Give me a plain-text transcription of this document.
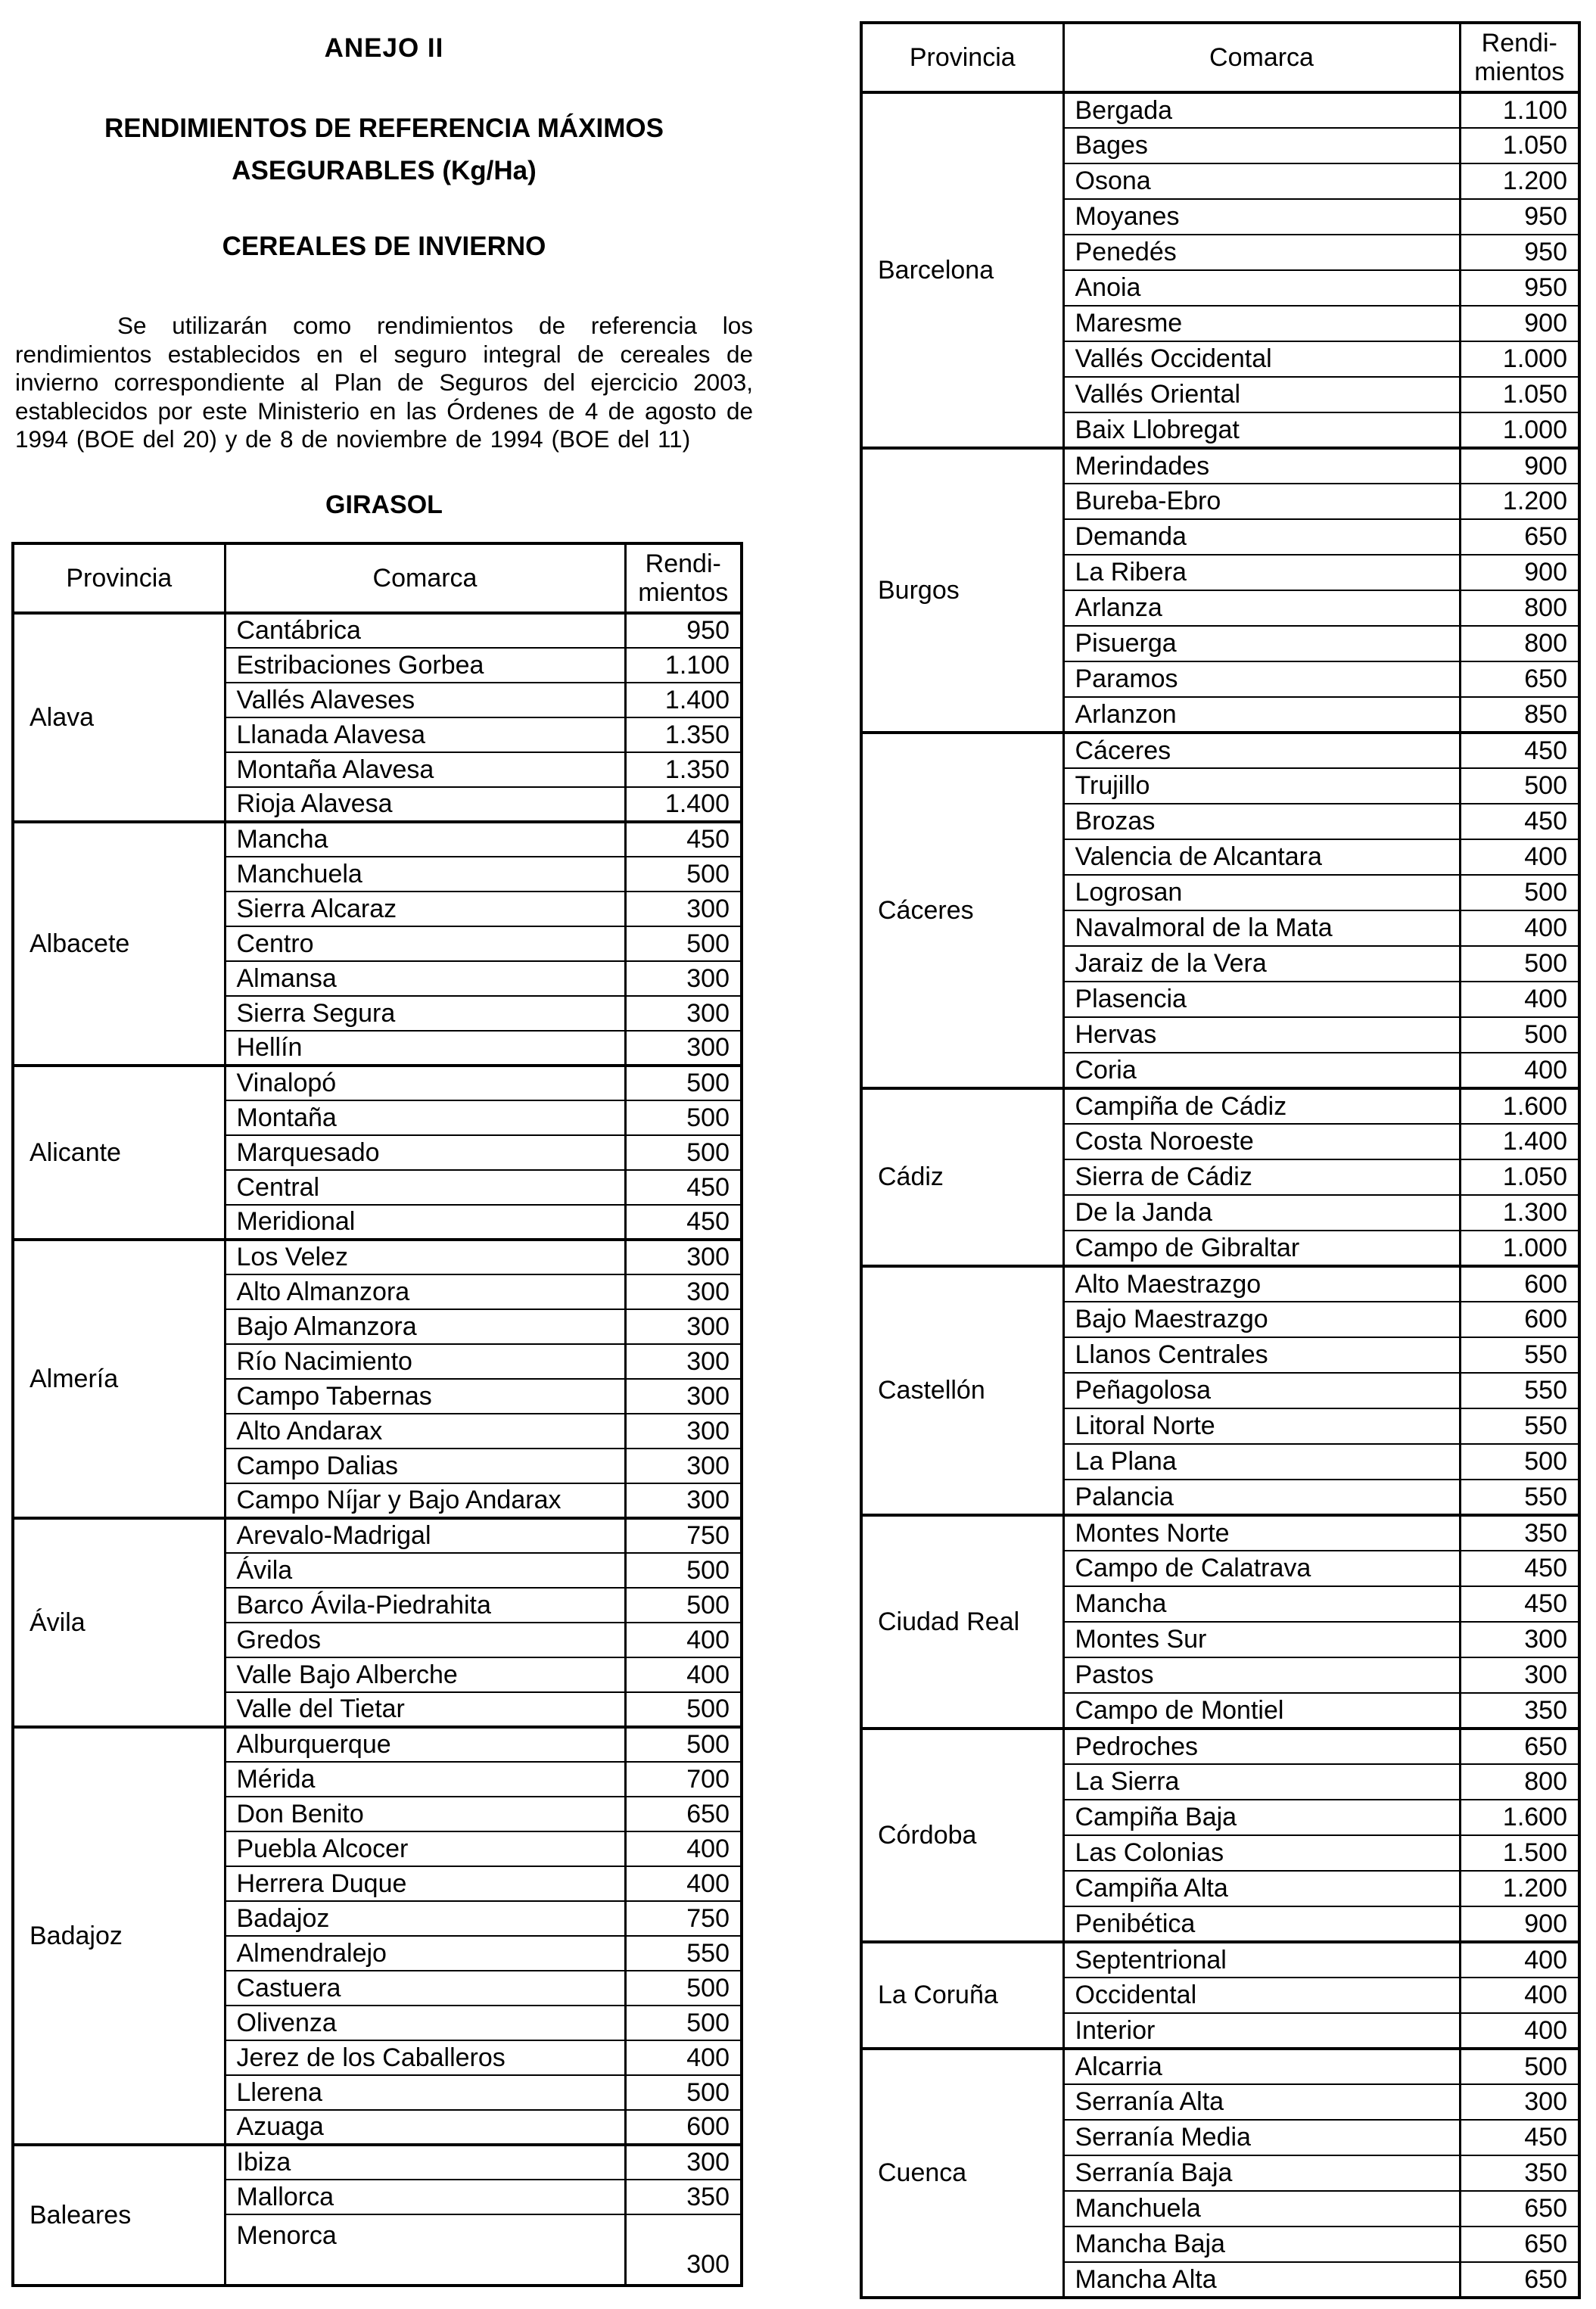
ANEJO II
RENDIMIENTOS DE REFERENCIA MÁXIMOS
ASEGURABLES (Kg/Ha)
CEREALES DE INVIERNO

Se utilizarán como rendimientos de referencia los rendimientos establecidos en el seguro integral de cereales de invierno correspondiente al Plan de Seguros del ejercicio 2003, establecidos por este Ministerio en las Órdenes de 4 de agosto de 1994 (BOE del 20) y de 8 de noviembre de 1994 (BOE del 11)

GIRASOL
Provincia	Comarca	Rendi-
mientos

Alava	Cantábrica	950
	Estribaciones Gorbea	1.100
	Vallés Alaveses	1.400
	Llanada Alavesa	1.350
	Montaña Alavesa	1.350
	Rioja Alavesa	1.400
Albacete	Mancha	450
	Manchuela	500
	Sierra Alcaraz	300
	Centro	500
	Almansa	300
	Sierra Segura	300
	Hellín	300
Alicante	Vinalopó	500
	Montaña	500
	Marquesado	500
	Central	450
	Meridional	450
Almería	Los Velez	300
	Alto Almanzora	300
	Bajo Almanzora	300
	Río Nacimiento	300
	Campo Tabernas	300
	Alto Andarax	300
	Campo Dalias	300
	Campo Níjar y Bajo Andarax	300
Ávila	Arevalo-Madrigal	750
	Ávila	500
	Barco Ávila-Piedrahita	500
	Gredos	400
	Valle Bajo Alberche	400
	Valle del Tietar	500
Badajoz	Alburquerque	500
	Mérida	700
	Don Benito	650
	Puebla Alcocer	400
	Herrera Duque	400
	Badajoz	750
	Almendralejo	550
	Castuera	500
	Olivenza	500
	Jerez de los Caballeros	400
	Llerena	500
	Azuaga	600
Baleares	Ibiza	300
	Mallorca	350
	Menorca	300
Provincia	Comarca	Rendi-
mientos

Barcelona	Bergada	1.100
	Bages	1.050
	Osona	1.200
	Moyanes	950
	Penedés	950
	Anoia	950
	Maresme	900
	Vallés Occidental	1.000
	Vallés Oriental	1.050
	Baix Llobregat	1.000
Burgos	Merindades	900
	Bureba-Ebro	1.200
	Demanda	650
	La Ribera	900
	Arlanza	800
	Pisuerga	800
	Paramos	650
	Arlanzon	850
Cáceres	Cáceres	450
	Trujillo	500
	Brozas	450
	Valencia de Alcantara	400
	Logrosan	500
	Navalmoral de la Mata	400
	Jaraiz de la Vera	500
	Plasencia	400
	Hervas	500
	Coria	400
Cádiz	Campiña de Cádiz	1.600
	Costa Noroeste	1.400
	Sierra de Cádiz	1.050
	De la Janda	1.300
	Campo de Gibraltar	1.000
Castellón	Alto Maestrazgo	600
	Bajo Maestrazgo	600
	Llanos Centrales	550
	Peñagolosa	550
	Litoral Norte	550
	La Plana	500
	Palancia	550
Ciudad Real	Montes Norte	350
	Campo de Calatrava	450
	Mancha	450
	Montes Sur	300
	Pastos	300
	Campo de Montiel	350
Córdoba	Pedroches	650
	La Sierra	800
	Campiña Baja	1.600
	Las Colonias	1.500
	Campiña Alta	1.200
	Penibética	900
La Coruña	Septentrional	400
	Occidental	400
	Interior	400
Cuenca	Alcarria	500
	Serranía Alta	300
	Serranía Media	450
	Serranía Baja	350
	Manchuela	650
	Mancha Baja	650
	Mancha Alta	650
